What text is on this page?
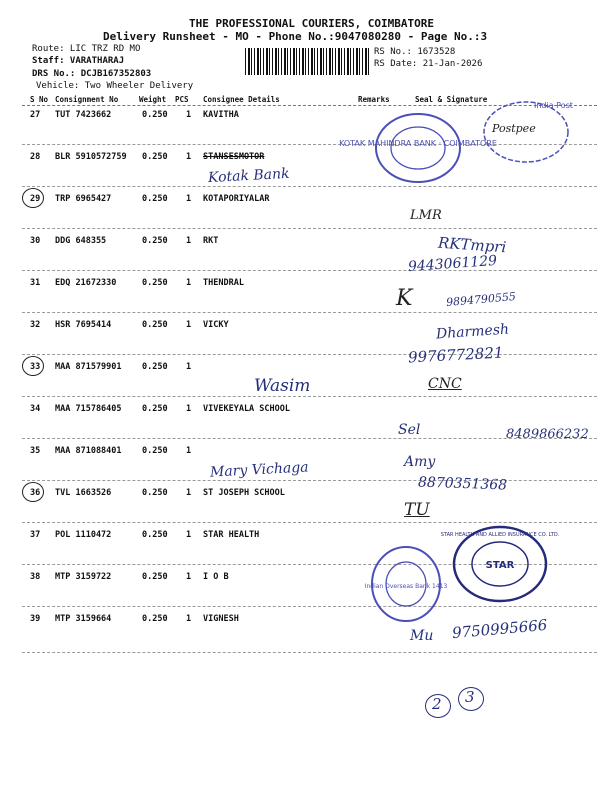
THE PROFESSIONAL COURIERS, COIMBATORE
Delivery Runsheet - MO - Phone No.:9047080280 - Page No.:3
Route: LIC TRZ RD MO
Staff: VARATHARAJ
DRS No.: DCJB167352803
Vehicle: Two Wheeler Delivery
RS No.: 1673528
RS Date: 21-Jan-2026
S No Consignment No	Weight PCS Consignee Details	Remarks	Seal & Signature
27 TUT 7423662	0.250 1 KAVITHA
28 BLR 5910572759 0.250 1 STANSESMOTOR
29 TRP 6965427	0.250 1 KOTAPORIYALAR
30 DDG 648355	0.250 1 RKT
31 EDQ 21672330	0.250 1 THENDRAL
32 HSR 7695414	0.250 1 VICKY
33 MAA 871579901 0.250 1
34 MAA 715786405 0.250 1 VIVEKEYALA SCHOOL
35 MAA 871088401 0.250 1
36 TVL 1663526	0.250 1 ST JOSEPH SCHOOL
37 POL 1110472	0.250 1 STAR HEALTH
38 MTP 3159722	0.250 1 I O B
39 MTP 3159664	0.250 1 VIGNESH
Kotak Bank
LMR
RKTmpri
9443061129
K	9894790555
Dharmesh
9976772821
CNC
Wasim
Sel	8489866232
Mary Vichaga	Amy
8870351368
TU
Mu 9750995666
KOTAK MAHINDRA BANK · COIMBATORE
Postpee
India Post
STAR
STAR HEALTH AND ALLIED INSURANCE CO. LTD.
Indian Overseas Bank 1413
2 3
